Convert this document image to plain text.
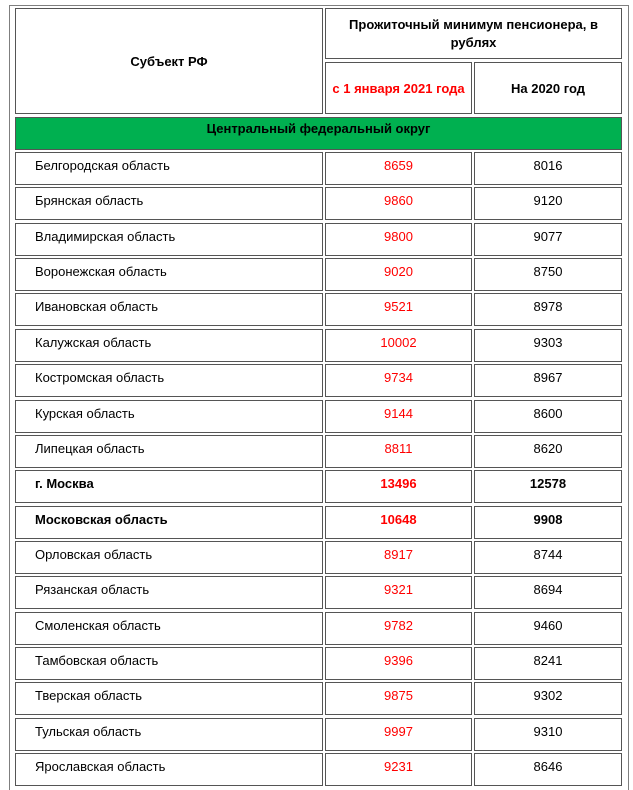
Субъект РФ
Прожиточный минимум пенсионера, в рублях
с 1 января 2021 года	На 2020 год
Центральный федеральный округ
Белгородская область	8659	8016
Брянская область	9860	9120
Владимирская область	9800	9077
Воронежская область	9020	8750
Ивановская область	9521	8978
Калужская область	10002	9303
Костромская область	9734	8967
Курская область	9144	8600
Липецкая область	8811	8620
г. Москва	13496	12578
Московская область	10648	9908
Орловская область	8917	8744
Рязанская область	9321	8694
Смоленская область	9782	9460
Тамбовская область	9396	8241
Тверская область	9875	9302
Тульская область	9997	9310
Ярославская область	9231	8646
